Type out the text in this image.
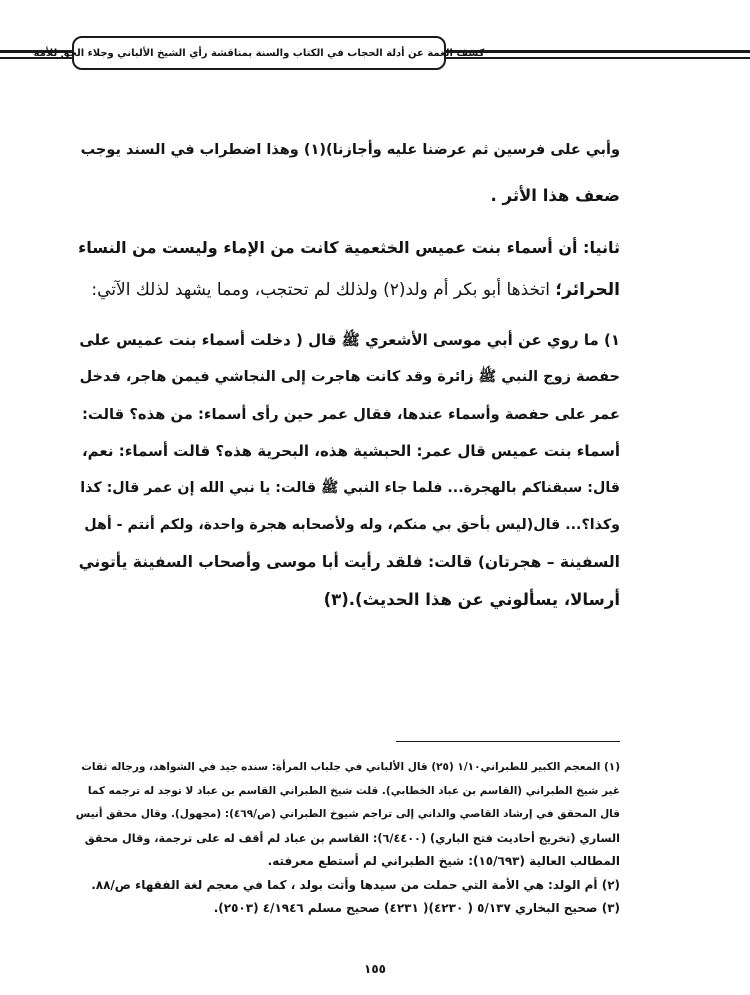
كشف الغمة عن أدلة الحجاب في الكتاب والسنة بمناقشة رأي الشيخ الألباني وجلاء الحق للأمة
وأبي على فرسين ثم عرضنا عليه وأجازنا)(١) وهذا اضطراب في السند يوجب
ضعف هذا الأثر .
ثانيا: أن أسماء بنت عميس الخثعمية كانت من الإماء وليست من النساء
الحرائر؛ اتخذها أبو بكر أم ولد(٢) ولذلك لم تحتجب، ومما يشهد لذلك الآتي:
١) ما روي عن أبي موسى الأشعري ﷺ قال ( دخلت أسماء بنت عميس على
حفصة زوج النبي ﷺ زائرة وقد كانت هاجرت إلى النجاشي فيمن هاجر، فدخل
عمر على حفصة وأسماء عندها، فقال عمر حين رأى أسماء: من هذه؟ قالت:
أسماء بنت عميس قال عمر: الحبشية هذه، البحرية هذه؟ قالت أسماء: نعم،
قال: سبقناكم بالهجرة... فلما جاء النبي ﷺ قالت: يا نبي الله إن عمر قال: كذا
وكذا؟... قال(ليس بأحق بي منكم، وله ولأصحابه هجرة واحدة، ولكم أنتم - أهل
السفينة – هجرتان) قالت: فلقد رأيت أبا موسى وأصحاب السفينة يأتوني
أرسالا، يسألوني عن هذا الحديث).(٣)
(١) المعجم الكبير للطبراني١/١٠ (٢٥) قال الألباني في جلباب المرأة: سنده جيد في الشواهد، ورجاله ثقات
غير شيخ الطبراني (القاسم بن عباد الخطابي). قلت شيخ الطبراني القاسم بن عباد لا توجد له ترجمه كما
قال المحقق في إرشاد القاصي والداني إلى تراجم شيوخ الطبراني (ص/٤٦٩): (مجهول). وقال محقق أنيس
الساري (تخريج أحاديث فتح الباري) (٦/٤٤٠٠): القاسم بن عباد لم أقف له على ترجمة، وقال محقق
المطالب العالية (١٥/٦٩٣): شيخ الطبراني لم أستطع معرفته.
(٢) أم الولد: هي الأمة التي حملت من سيدها وأتت بولد ، كما في معجم لغة الفقهاء ص/٨٨.
(٣) صحيح البخاري ٥/١٣٧ ( ٤٢٣٠)( ٤٢٣١) صحيح مسلم ٤/١٩٤٦ (٢٥٠٣).
١٥٥
